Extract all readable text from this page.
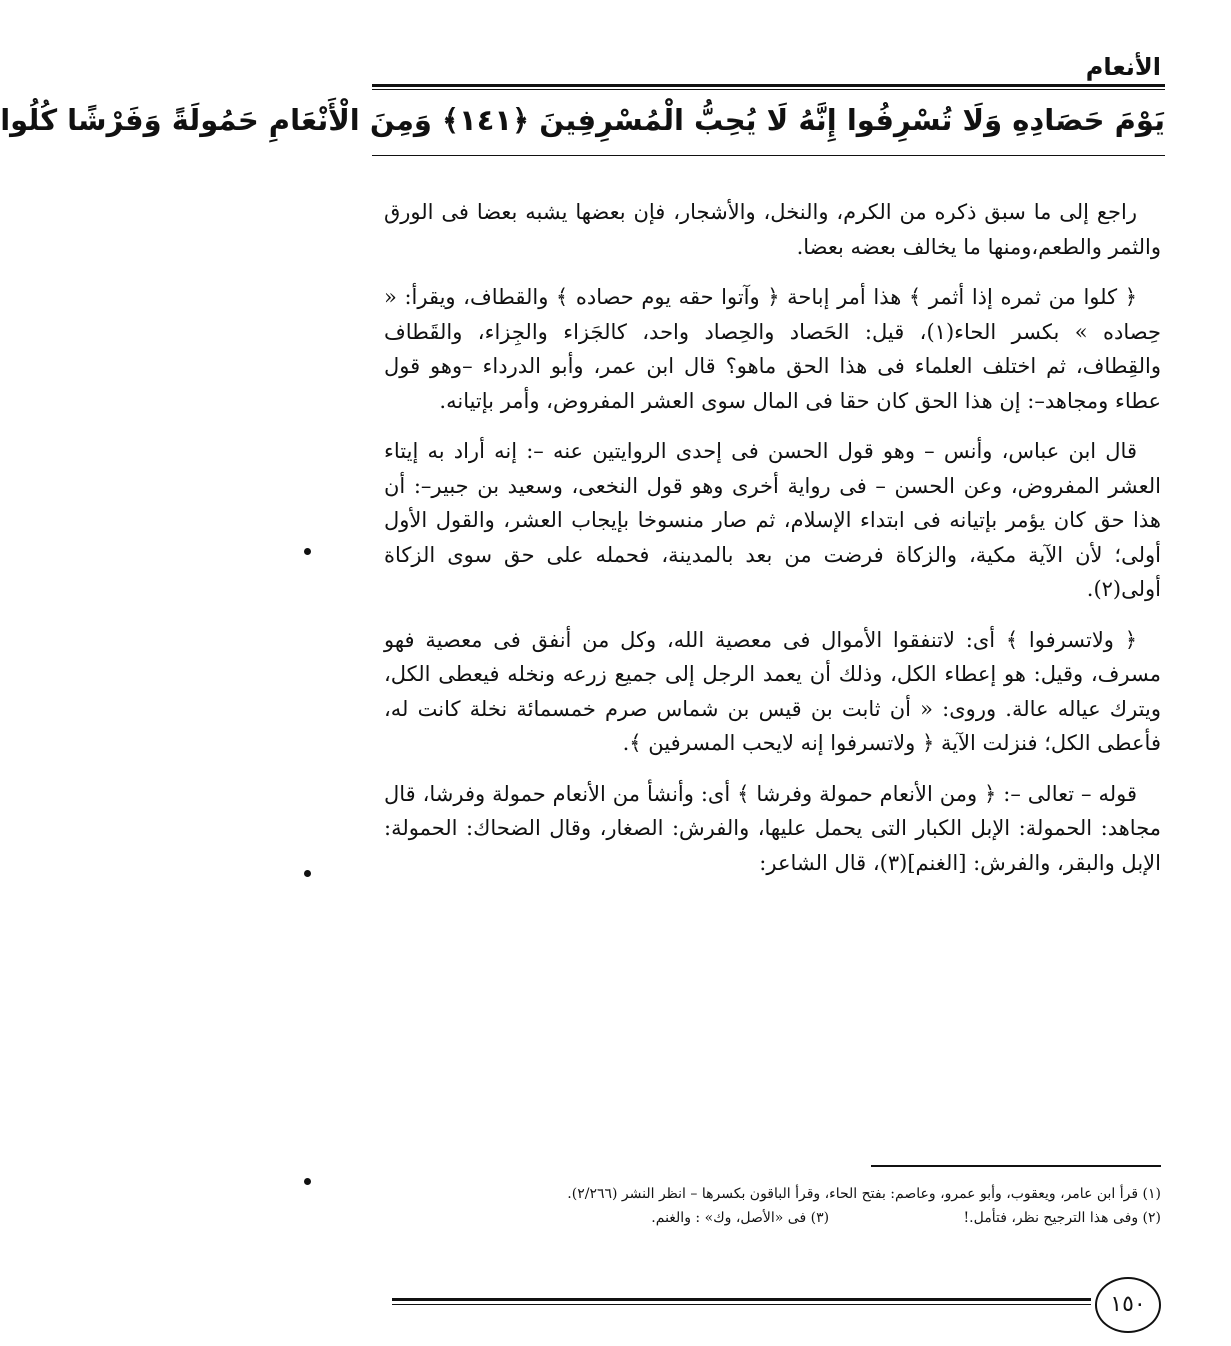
الأنعام
يَوْمَ حَصَادِهِ وَلَا تُسْرِفُوا إِنَّهُ لَا يُحِبُّ الْمُسْرِفِينَ ﴿١٤١﴾ وَمِنَ الْأَنْعَامِ حَمُولَةً وَفَرْشًا كُلُوا

راجع إلى ما سبق ذكره من الكرم، والنخل، والأشجار، فإن بعضها يشبه بعضا فى الورق والثمر والطعم،ومنها ما يخالف بعضه بعضا.

﴿ كلوا من ثمره إذا أثمر ﴾ هذا أمر إباحة ﴿ وآتوا حقه يوم حصاده ﴾ والقطاف، ويقرأ: « حِصاده » بكسر الحاء(١)، قيل: الحَصاد والحِصاد واحد، كالجَزاء والجِزاء، والقَطاف والقِطاف، ثم اختلف العلماء فى هذا الحق ماهو؟ قال ابن عمر، وأبو الدرداء –وهو قول عطاء ومجاهد–: إن هذا الحق كان حقا فى المال سوى العشر المفروض، وأمر بإتيانه.

قال ابن عباس، وأنس – وهو قول الحسن فى إحدى الروايتين عنه –: إنه أراد به إيتاء العشر المفروض، وعن الحسن – فى رواية أخرى وهو قول النخعى، وسعيد بن جبير–: أن هذا حق كان يؤمر بإتيانه فى ابتداء الإسلام، ثم صار منسوخا بإيجاب العشر، والقول الأول أولى؛ لأن الآية مكية، والزكاة فرضت من بعد بالمدينة، فحمله على حق سوى الزكاة أولى(٢).

﴿ ولاتسرفوا ﴾ أى: لاتنفقوا الأموال فى معصية الله، وكل من أنفق فى معصية فهو مسرف، وقيل: هو إعطاء الكل، وذلك أن يعمد الرجل إلى جميع زرعه ونخله فيعطى الكل، ويترك عياله عالة. وروى: « أن ثابت بن قيس بن شماس صرم خمسمائة نخلة كانت له، فأعطى الكل؛ فنزلت الآية ﴿ ولاتسرفوا إنه لايحب المسرفين ﴾.

قوله – تعالى –: ﴿ ومن الأنعام حمولة وفرشا ﴾ أى: وأنشأ من الأنعام حمولة وفرشا، قال مجاهد: الحمولة: الإبل الكبار التى يحمل عليها، والفرش: الصغار، وقال الضحاك: الحمولة: الإبل والبقر، والفرش: [الغنم](٣)، قال الشاعر:

(١) قرأ ابن عامر، ويعقوب، وأبو عمرو، وعاصم: بفتح الحاء، وقرأ الباقون بكسرها – انظر النشر (٢/٢٦٦).
(٢) وفى هذا الترجيح نظر، فتأمل.! (٣) فى «الأصل، وك» : والغنم.
١٥٠
